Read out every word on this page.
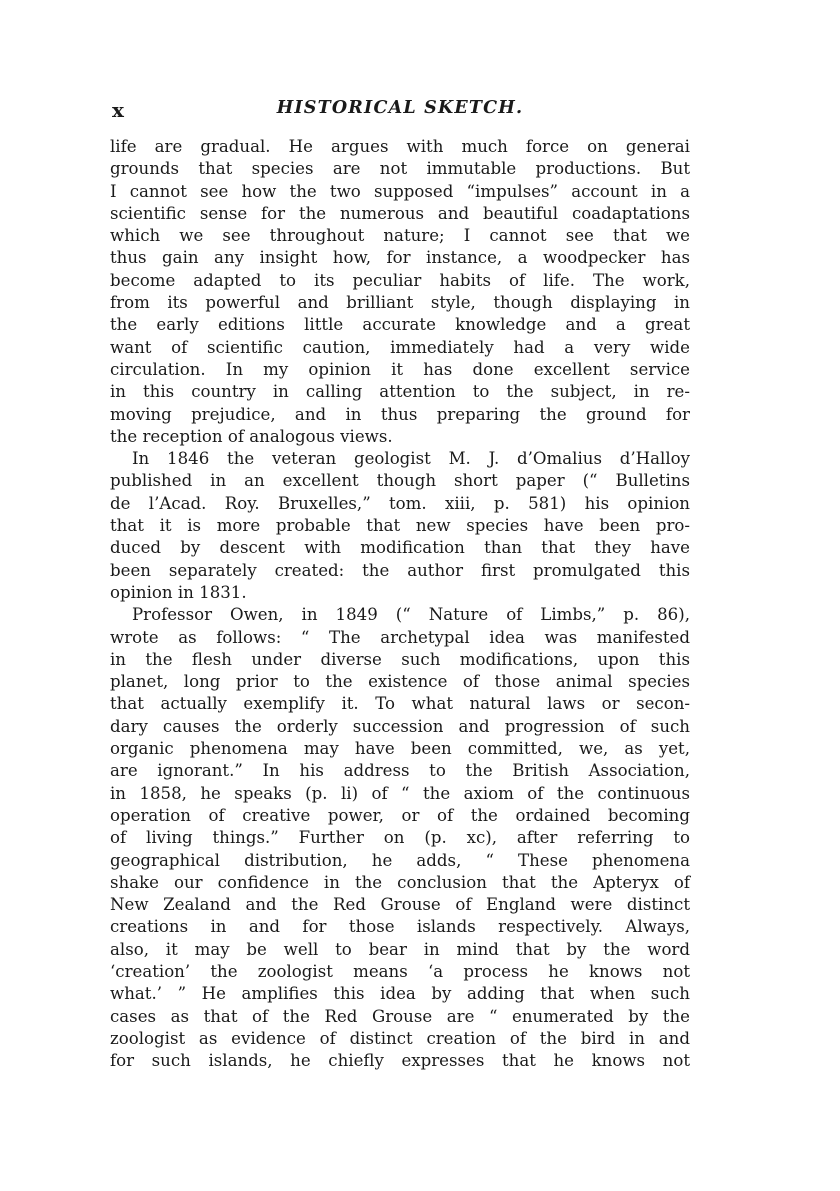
x	HISTORICAL SKETCH.
life are gradual. He argues with much force on generai
grounds that species are not immutable productions. But
I cannot see how the two supposed “impulses” account in a
scientific sense for the numerous and beautiful coadaptations
which we see throughout nature; I cannot see that we
thus gain any insight how, for instance, a woodpecker has
become adapted to its peculiar habits of life. The work,
from its powerful and brilliant style, though displaying in
the early editions little accurate knowledge and a great
want of scientific caution, immediately had a very wide
circulation. In my opinion it has done excellent service
in this country in calling attention to the subject, in re-
moving prejudice, and in thus preparing the ground for
the reception of analogous views.
In 1846 the veteran geologist M. J. d’Omalius d’Halloy
published in an excellent though short paper (“ Bulletins
de l’Acad. Roy. Bruxelles,” tom. xiii, p. 581) his opinion
that it is more probable that new species have been pro-
duced by descent with modification than that they have
been separately created: the author first promulgated this
opinion in 1831.
Professor Owen, in 1849 (“ Nature of Limbs,” p. 86),
wrote as follows: “ The archetypal idea was manifested
in the flesh under diverse such modifications, upon this
planet, long prior to the existence of those animal species
that actually exemplify it. To what natural laws or secon-
dary causes the orderly succession and progression of such
organic phenomena may have been committed, we, as yet,
are ignorant.” In his address to the British Association,
in 1858, he speaks (p. li) of “ the axiom of the continuous
operation of creative power, or of the ordained becoming
of living things.” Further on (p. xc), after referring to
geographical distribution, he adds, “ These phenomena
shake our confidence in the conclusion that the Apteryx of
New Zealand and the Red Grouse of England were distinct
creations in and for those islands respectively. Always,
also, it may be well to bear in mind that by the word
‘creation’ the zoologist means ‘a process he knows not
what.’ ” He amplifies this idea by adding that when such
cases as that of the Red Grouse are “ enumerated by the
zoologist as evidence of distinct creation of the bird in and
for such islands, he chiefly expresses that he knows not
